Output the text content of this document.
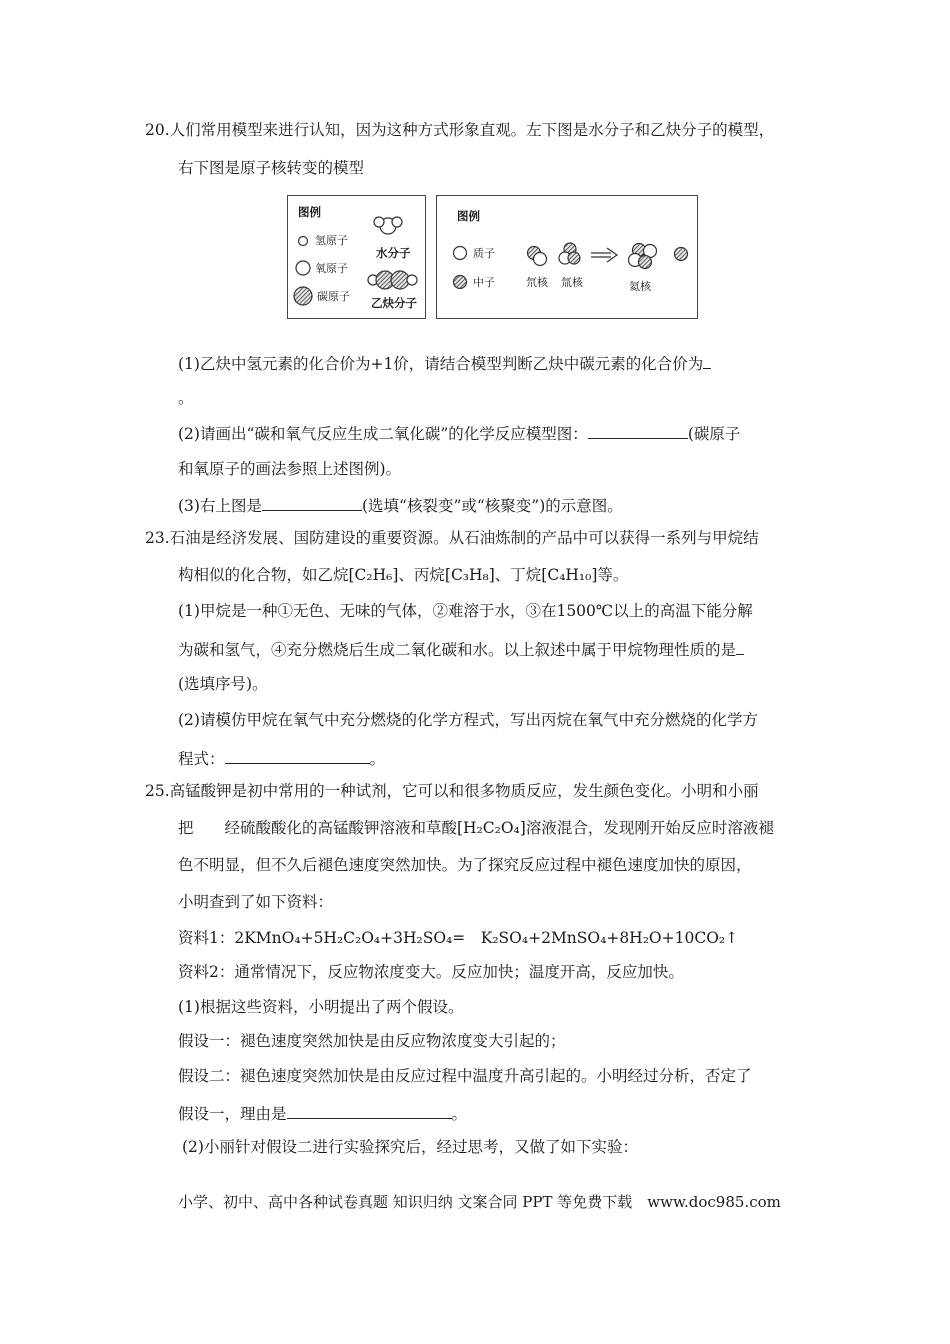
20.人们常用模型来进行认知，因为这种方式形象直观。左下图是水分子和乙炔分子的模型，
右下图是原子核转变的模型
图例
氢原子
氧原子
碳原子
水分子
乙炔分子
图例
质子
中子	氘核 氚核	氦核
(1)乙炔中氢元素的化合价为+1价，请结合模型判断乙炔中碳元素的化合价为
。
(2)请画出“碳和氧气反应生成二氧化碳”的化学反应模型图：	(碳原子
和氧原子的画法参照上述图例)。
(3)右上图是	(选填“核裂变”或“核聚变”)的示意图。
23.石油是经济发展、国防建设的重要资源。从石油炼制的产品中可以获得一系列与甲烷结
构相似的化合物，如乙烷[C₂H₆]、丙烷[C₃H₈]、丁烷[C₄H₁₀]等。
(1)甲烷是一种①无色、无味的气体，②难溶于水，③在1500℃以上的高温下能分解
为碳和氢气，④充分燃烧后生成二氧化碳和水。以上叙述中属于甲烷物理性质的是
(选填序号)。
(2)请模仿甲烷在氧气中充分燃烧的化学方程式，写出丙烷在氧气中充分燃烧的化学方
程式：	。
25.高锰酸钾是初中常用的一种试剂，它可以和很多物质反应，发生颜色变化。小明和小丽
把　　经硫酸酸化的高锰酸钾溶液和草酸[H₂C₂O₄]溶液混合，发现刚开始反应时溶液褪
色不明显，但不久后褪色速度突然加快。为了探究反应过程中褪色速度加快的原因，
小明查到了如下资料：
资料1：2KMnO₄+5H₂C₂O₄+3H₂SO₄=　K₂SO₄+2MnSO₄+8H₂O+10CO₂↑
资料2：通常情况下，反应物浓度变大。反应加快；温度开高，反应加快。
(1)根据这些资料，小明提出了两个假设。
假设一：褪色速度突然加快是由反应物浓度变大引起的；
假设二：褪色速度突然加快是由反应过程中温度升高引起的。小明经过分析，否定了
假设一，理由是	。
(2)小丽针对假设二进行实验探究后，经过思考，又做了如下实验：
小学、初中、高中各种试卷真题 知识归纳 文案合同 PPT 等免费下载　www.doc985.com
